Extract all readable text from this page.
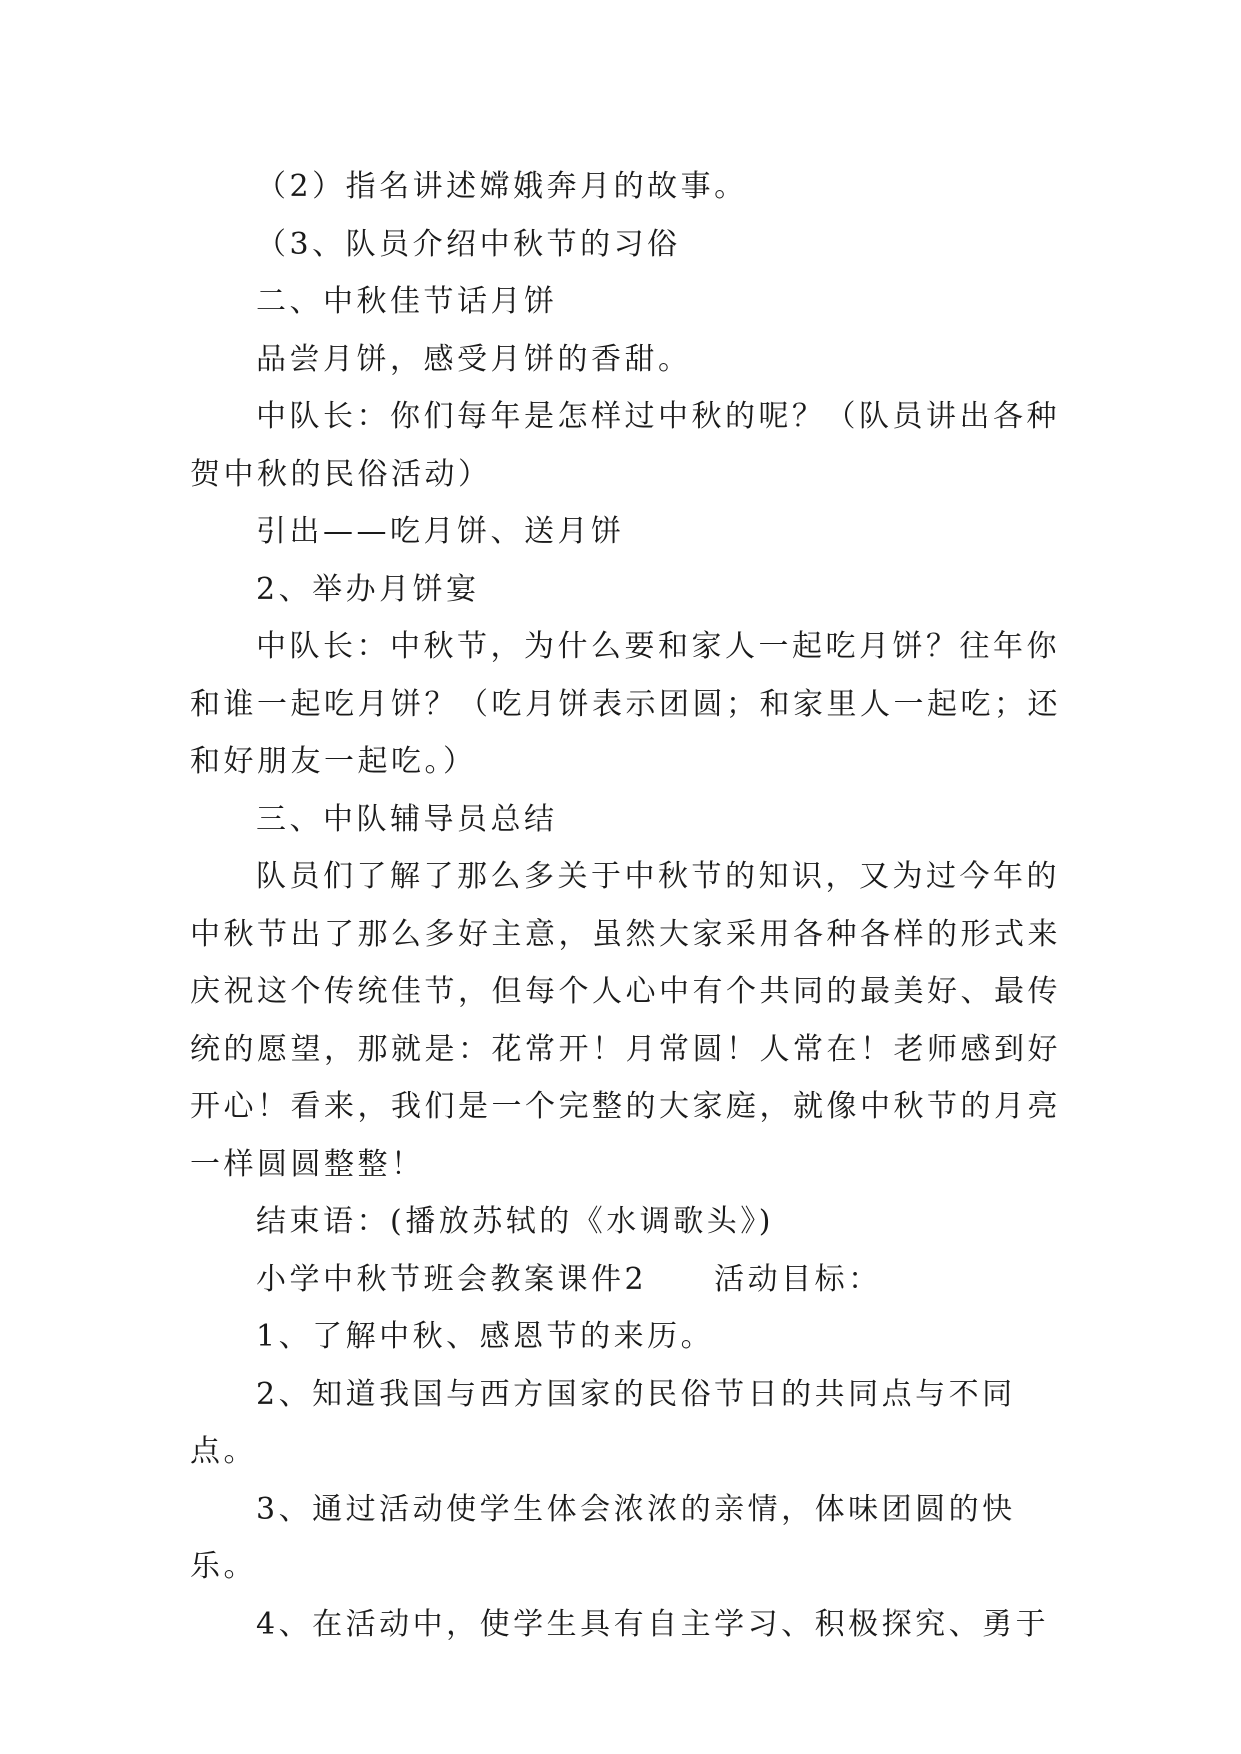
（2）指名讲述嫦娥奔月的故事。

（3、队员介绍中秋节的习俗

二、中秋佳节话月饼

品尝月饼，感受月饼的香甜。

中队长：你们每年是怎样过中秋的呢？（队员讲出各种贺中秋的民俗活动）

引出——吃月饼、送月饼

2、举办月饼宴

中队长：中秋节，为什么要和家人一起吃月饼？往年你和谁一起吃月饼？（吃月饼表示团圆；和家里人一起吃；还和好朋友一起吃。）

三、中队辅导员总结

队员们了解了那么多关于中秋节的知识，又为过今年的中秋节出了那么多好主意，虽然大家采用各种各样的形式来庆祝这个传统佳节，但每个人心中有个共同的最美好、最传统的愿望，那就是：花常开！月常圆！人常在！老师感到好开心！看来，我们是一个完整的大家庭，就像中秋节的月亮一样圆圆整整！

结束语：(播放苏轼的《水调歌头》)

小学中秋节班会教案课件2　　活动目标：

1、了解中秋、感恩节的来历。

2、知道我国与西方国家的民俗节日的共同点与不同点。

3、通过活动使学生体会浓浓的亲情，体味团圆的快乐。

4、在活动中，使学生具有自主学习、积极探究、勇于
